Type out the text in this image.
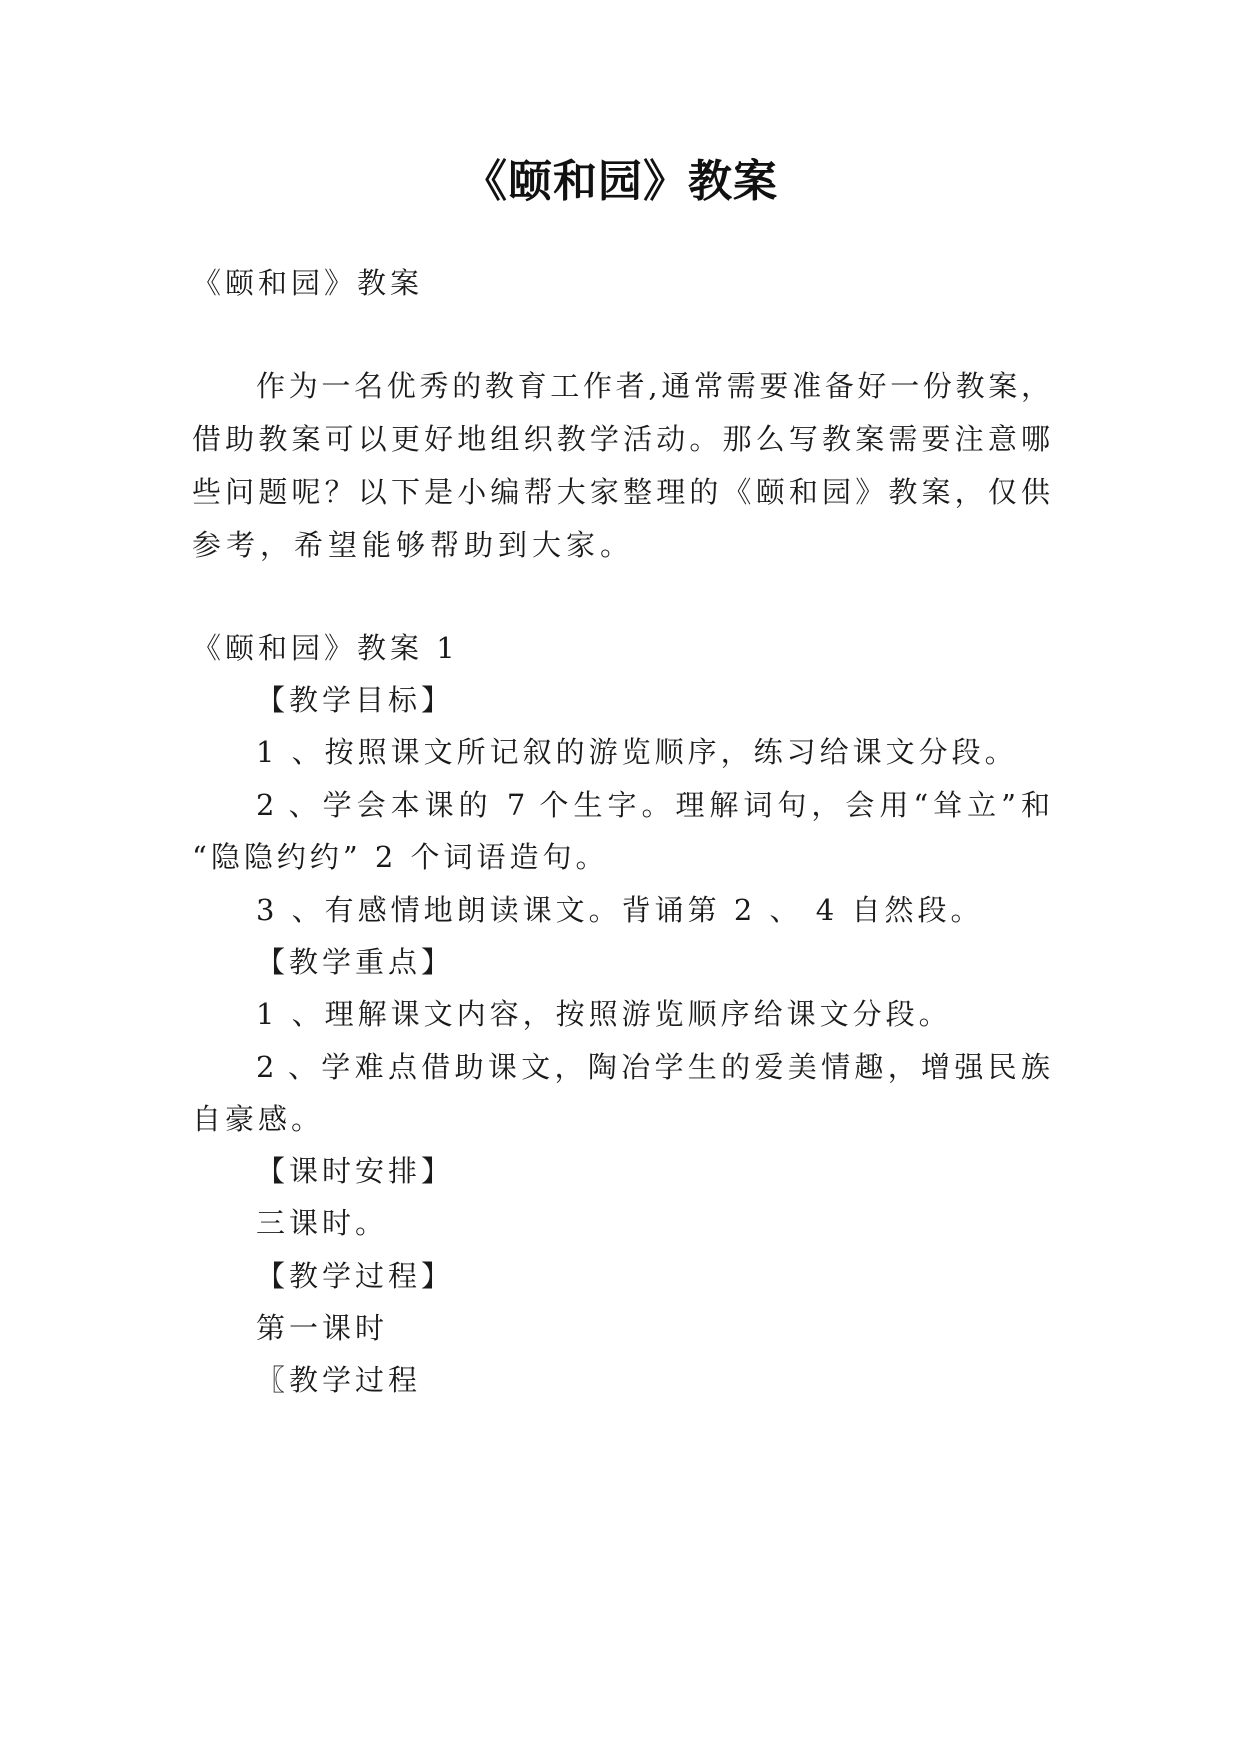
《颐和园》教案
《颐和园》教案
作为一名优秀的教育工作者,通常需要准备好一份教案，
借助教案可以更好地组织教学活动。那么写教案需要注意哪
些问题呢？以下是小编帮大家整理的《颐和园》教案，仅供
参考，希望能够帮助到大家。
《颐和园》教案 1
【教学目标】
1 、按照课文所记叙的游览顺序，练习给课文分段。
2 、学会本课的 7 个生字。理解词句，会用“耸立”和
“隐隐约约” 2 个词语造句。
3 、有感情地朗读课文。背诵第 2 、 4 自然段。
【教学重点】
1 、理解课文内容，按照游览顺序给课文分段。
2 、学难点借助课文，陶冶学生的爱美情趣，增强民族
自豪感。
【课时安排】
三课时。
【教学过程】
第一课时
〖教学过程
